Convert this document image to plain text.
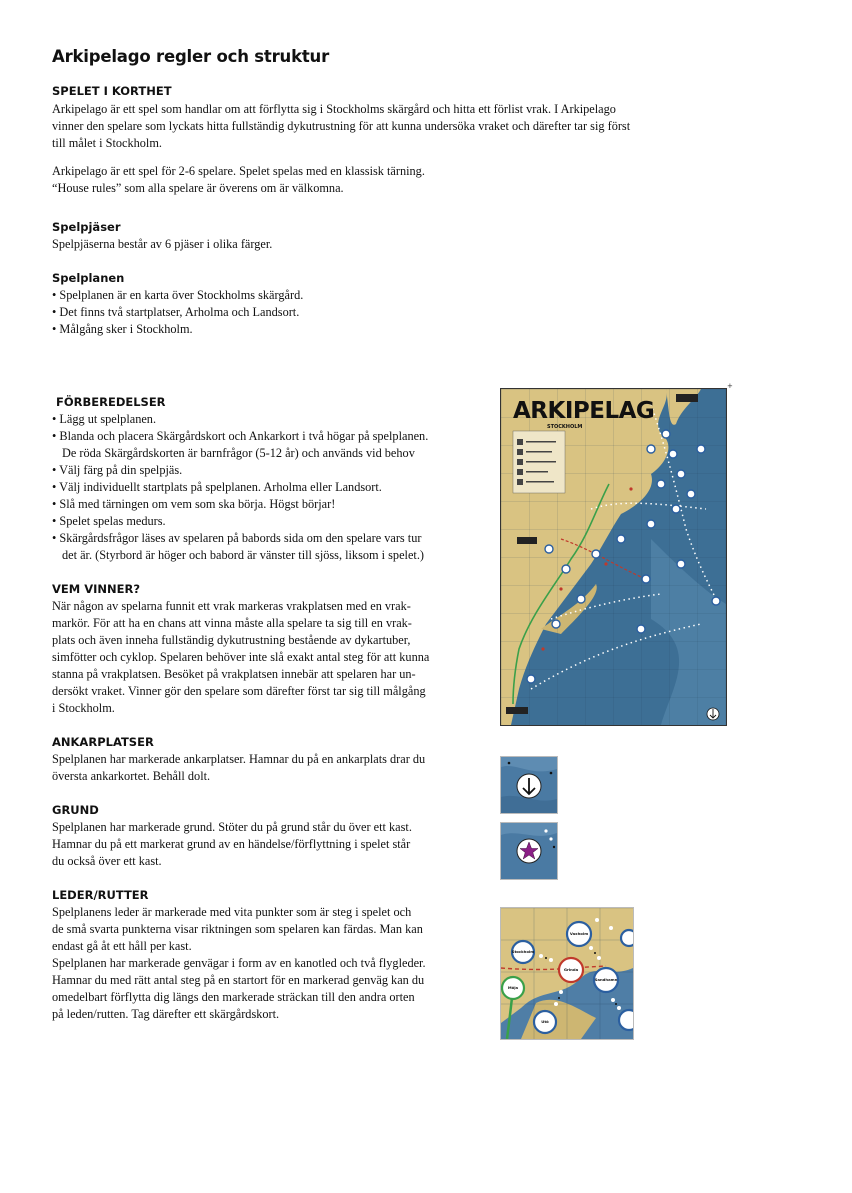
Arkipelago regler och struktur
SPELET I KORTHET
Arkipelago är ett spel som handlar om att förflytta sig i Stockholms skärgård och hitta ett förlist vrak. I Arkipelago
vinner den spelare som lyckats hitta fullständig dykutrustning för att kunna undersöka vraket och därefter tar sig först
till målet i Stockholm.
Arkipelago är ett spel för 2-6 spelare. Spelet spelas med en klassisk tärning.
“House rules” som alla spelare är överens om är välkomna.
Spelpjäser
Spelpjäserna består av 6 pjäser i olika färger.
Spelplanen
• Spelplanen är en karta över Stockholms skärgård.
• Det finns två startplatser, Arholma och Landsort.
• Målgång sker i Stockholm.
FÖRBEREDELSER
• Lägg ut spelplanen.
• Blanda och placera Skärgårdskort och Ankarkort i två högar på spelplanen.
De röda Skärgårdskorten är barnfrågor (5-12 år) och används vid behov
• Välj färg på din spelpjäs.
• Välj individuellt startplats på spelplanen. Arholma eller Landsort.
• Slå med tärningen om vem som ska börja. Högst börjar!
• Spelet spelas medurs.
• Skärgårdsfrågor läses av spelaren på babords sida om den spelare vars tur
det är. (Styrbord är höger och babord är vänster till sjöss, liksom i spelet.)
VEM VINNER?
När någon av spelarna funnit ett vrak markeras vrakplatsen med en vrak-
markör. För att ha en chans att vinna måste alla spelare ta sig till en vrak-
plats och även inneha fullständig dykutrustning bestående av dykartuber,
simfötter och cyklop. Spelaren behöver inte slå exakt antal steg för att kunna
stanna på vrakplatsen. Besöket på vrakplatsen innebär att spelaren har un-
dersökt vraket. Vinner gör den spelare som därefter först tar sig till målgång
i Stockholm.
ANKARPLATSER
Spelplanen har markerade ankarplatser. Hamnar du på en ankarplats drar du
översta ankarkortet. Behåll dolt.
GRUND
Spelplanen har markerade grund. Stöter du på grund står du över ett kast.
Hamnar du på ett markerat grund av en händelse/förflyttning i spelet står
du också över ett kast.
LEDER/RUTTER
Spelplanens leder är markerade med vita punkter som är steg i spelet och
de små svarta punkterna visar riktningen som spelaren kan färdas. Man kan
endast gå åt ett håll per kast.
Spelplanen har markerade genvägar i form av en kanotled och två flygleder.
Hamnar du med rätt antal steg på en startort för en markerad genväg kan du
omedelbart förflytta dig längs den markerade sträckan till den andra orten
på leden/rutten. Tag därefter ett skärgårdskort.
+
ARKIPELAG
STOCKHOLM
Stockholm
Vaxholm
Grinda
Möja
Sandhamn
Utö
